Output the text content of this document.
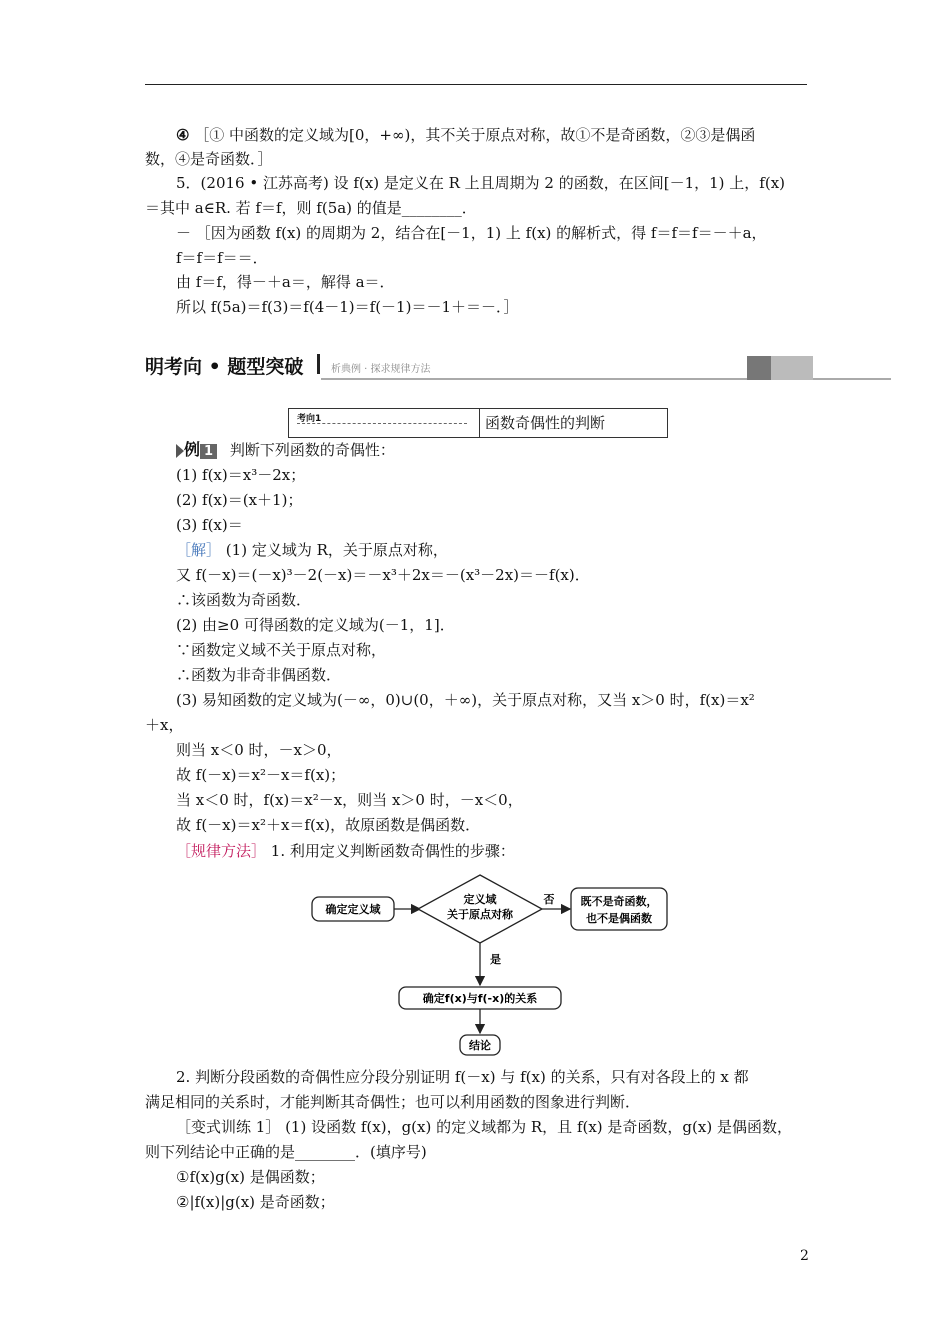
④ ［① 中函数的定义域为[0，+∞)，其不关于原点对称，故①不是奇函数，②③是偶函
数，④是奇函数．］
5．(2016 • 江苏高考) 设 f(x) 是定义在 R 上且周期为 2 的函数，在区间[－1，1) 上，f(x)
＝其中 a∈R. 若 f＝f，则 f(5a) 的值是________．
－ ［因为函数 f(x) 的周期为 2，结合在[－1，1) 上 f(x) 的解析式，得 f＝f＝f＝－＋a，
f＝f＝f＝＝．
由 f＝f，得－＋a＝，解得 a＝．
所以 f(5a)＝f(3)＝f(4－1)＝f(－1)＝－1＋＝－．］
明考向 • 题型突破	析典例 · 探求规律方法
考向1	函数奇偶性的判断
例 1 判断下列函数的奇偶性：
(1) f(x)＝x³－2x；
(2) f(x)＝(x＋1)；
(3) f(x)＝
［解］ (1) 定义域为 R，关于原点对称，
又 f(－x)＝(－x)³－2(－x)＝－x³＋2x＝－(x³－2x)＝－f(x)．
∴该函数为奇函数．
(2) 由≥0 可得函数的定义域为(－1，1]．
∵函数定义域不关于原点对称，
∴函数为非奇非偶函数．
(3) 易知函数的定义域为(－∞，0)∪(0，＋∞)，关于原点对称，又当 x＞0 时，f(x)＝x²
＋x，
则当 x＜0 时，－x＞0，
故 f(－x)＝x²－x＝f(x)；
当 x＜0 时，f(x)＝x²－x，则当 x＞0 时，－x＜0，
故 f(－x)＝x²＋x＝f(x)，故原函数是偶函数．
［规律方法］ 1. 利用定义判断函数奇偶性的步骤：
确定定义域
定义域
关于原点对称
否 既不是奇函数，
也不是偶函数
是
确定f(x)与f(-x)的关系
结论
2. 判断分段函数的奇偶性应分段分别证明 f(－x) 与 f(x) 的关系，只有对各段上的 x 都
满足相同的关系时，才能判断其奇偶性；也可以利用函数的图象进行判断．
［变式训练 1］ (1) 设函数 f(x)，g(x) 的定义域都为 R，且 f(x) 是奇函数，g(x) 是偶函数，
则下列结论中正确的是________．(填序号)
①f(x)g(x) 是偶函数；
②|f(x)|g(x) 是奇函数；
2
